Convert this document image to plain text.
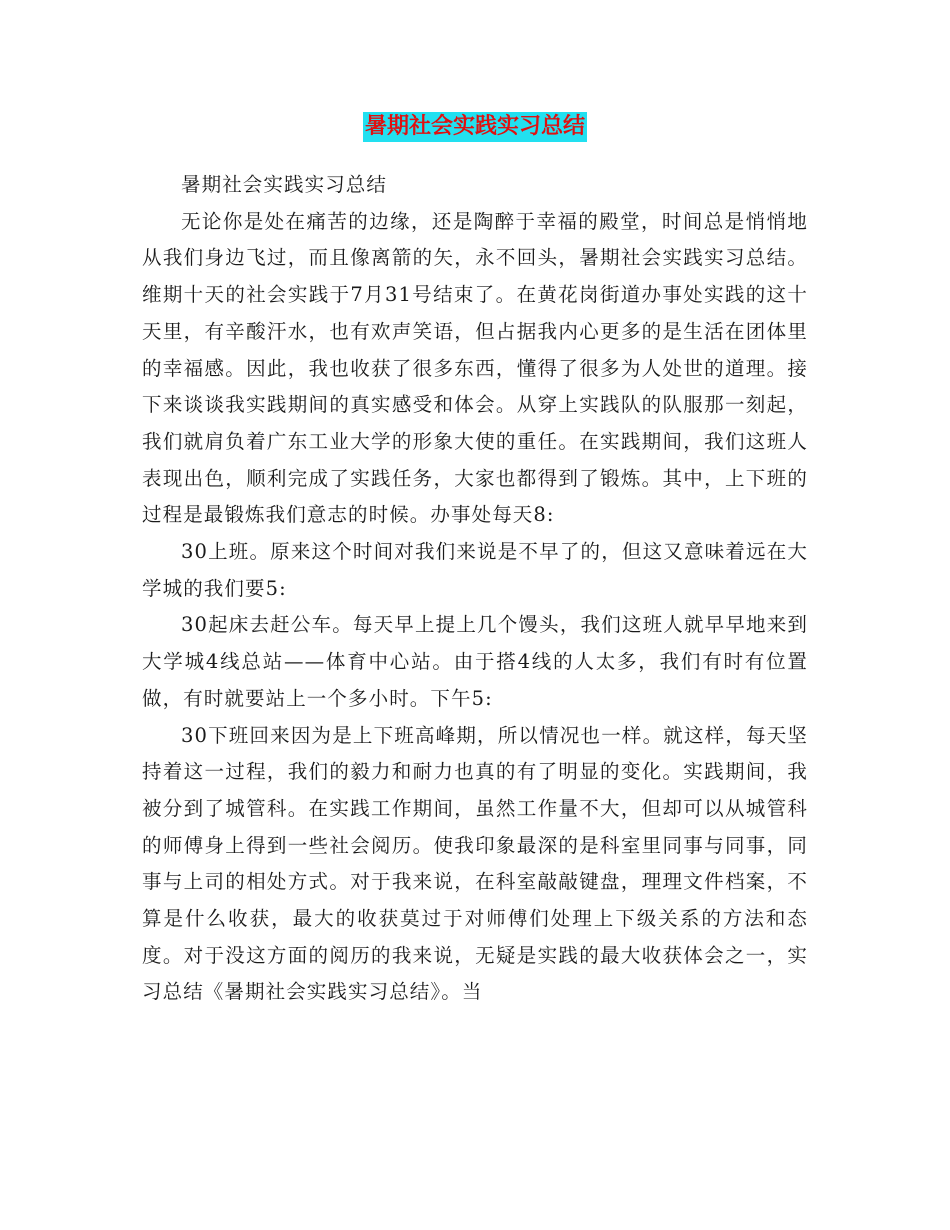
暑期社会实践实习总结

暑期社会实践实习总结

无论你是处在痛苦的边缘，还是陶醉于幸福的殿堂，时间总是悄悄地从我们身边飞过，而且像离箭的矢，永不回头，暑期社会实践实习总结。维期十天的社会实践于7月31号结束了。在黄花岗街道办事处实践的这十天里，有辛酸汗水，也有欢声笑语，但占据我内心更多的是生活在团体里的幸福感。因此，我也收获了很多东西，懂得了很多为人处世的道理。接下来谈谈我实践期间的真实感受和体会。从穿上实践队的队服那一刻起，我们就肩负着广东工业大学的形象大使的重任。在实践期间，我们这班人表现出色，顺利完成了实践任务，大家也都得到了锻炼。其中，上下班的过程是最锻炼我们意志的时候。办事处每天8:

30上班。原来这个时间对我们来说是不早了的，但这又意味着远在大学城的我们要5:

30起床去赶公车。每天早上提上几个馒头，我们这班人就早早地来到大学城4线总站——体育中心站。由于搭4线的人太多，我们有时有位置做，有时就要站上一个多小时。下午5:

30下班回来因为是上下班高峰期，所以情况也一样。就这样，每天坚持着这一过程，我们的毅力和耐力也真的有了明显的变化。实践期间，我被分到了城管科。在实践工作期间，虽然工作量不大，但却可以从城管科的师傅身上得到一些社会阅历。使我印象最深的是科室里同事与同事，同事与上司的相处方式。对于我来说，在科室敲敲键盘，理理文件档案，不算是什么收获，最大的收获莫过于对师傅们处理上下级关系的方法和态度。对于没这方面的阅历的我来说，无疑是实践的最大收获体会之一，实习总结《暑期社会实践实习总结》。当
